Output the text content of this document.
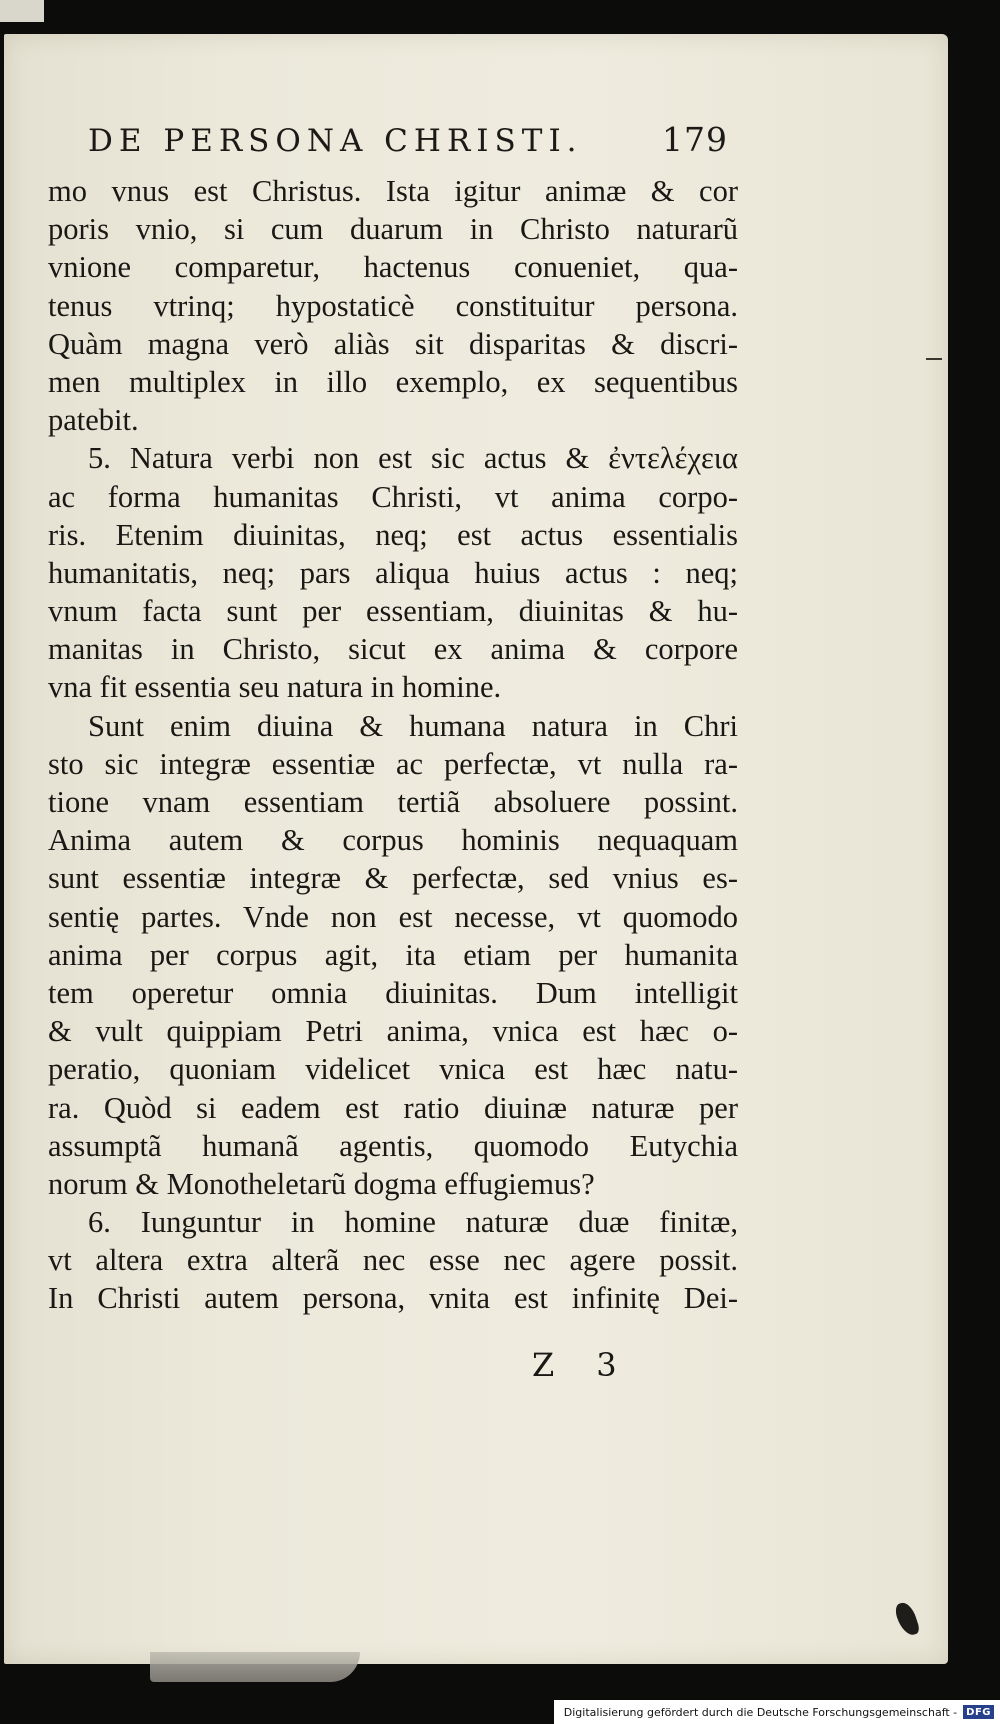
DE PERSONA CHRISTI. 179
mo vnus est Christus. Ista igitur animæ & cor
poris vnio, si cum duarum in Christo naturarũ
vnione comparetur, hactenus conueniet, qua-
tenus vtrinq; hypostaticè constituitur persona.
Quàm magna verò aliàs sit disparitas & discri-
men multiplex in illo exemplo, ex sequentibus
patebit.
5. Natura verbi non est sic actus & ἐντελέχεια
ac forma humanitas Christi, vt anima corpo-
ris. Etenim diuinitas, neq; est actus essentialis
humanitatis, neq; pars aliqua huius actus : neq;
vnum facta sunt per essentiam, diuinitas & hu-
manitas in Christo, sicut ex anima & corpore
vna fit essentia seu natura in homine.
Sunt enim diuina & humana natura in Chri
sto sic integræ essentiæ ac perfectæ, vt nulla ra-
tione vnam essentiam tertiã absoluere possint.
Anima autem & corpus hominis nequaquam
sunt essentiæ integræ & perfectæ, sed vnius es-
sentię partes. Vnde non est necesse, vt quomodo
anima per corpus agit, ita etiam per humanita
tem operetur omnia diuinitas. Dum intelligit
& vult quippiam Petri anima, vnica est hæc o-
peratio, quoniam videlicet vnica est hæc natu-
ra. Quòd si eadem est ratio diuinæ naturæ per
assumptã humanã agentis, quomodo Eutychia
norum & Monotheletarũ dogma effugiemus?
6. Iunguntur in homine naturæ duæ finitæ,
vt altera extra alterã nec esse nec agere possit.
In Christi autem persona, vnita est infinitę Dei-
Z 3
Digitalisierung gefördert durch die Deutsche Forschungsgemeinschaft - DFG
